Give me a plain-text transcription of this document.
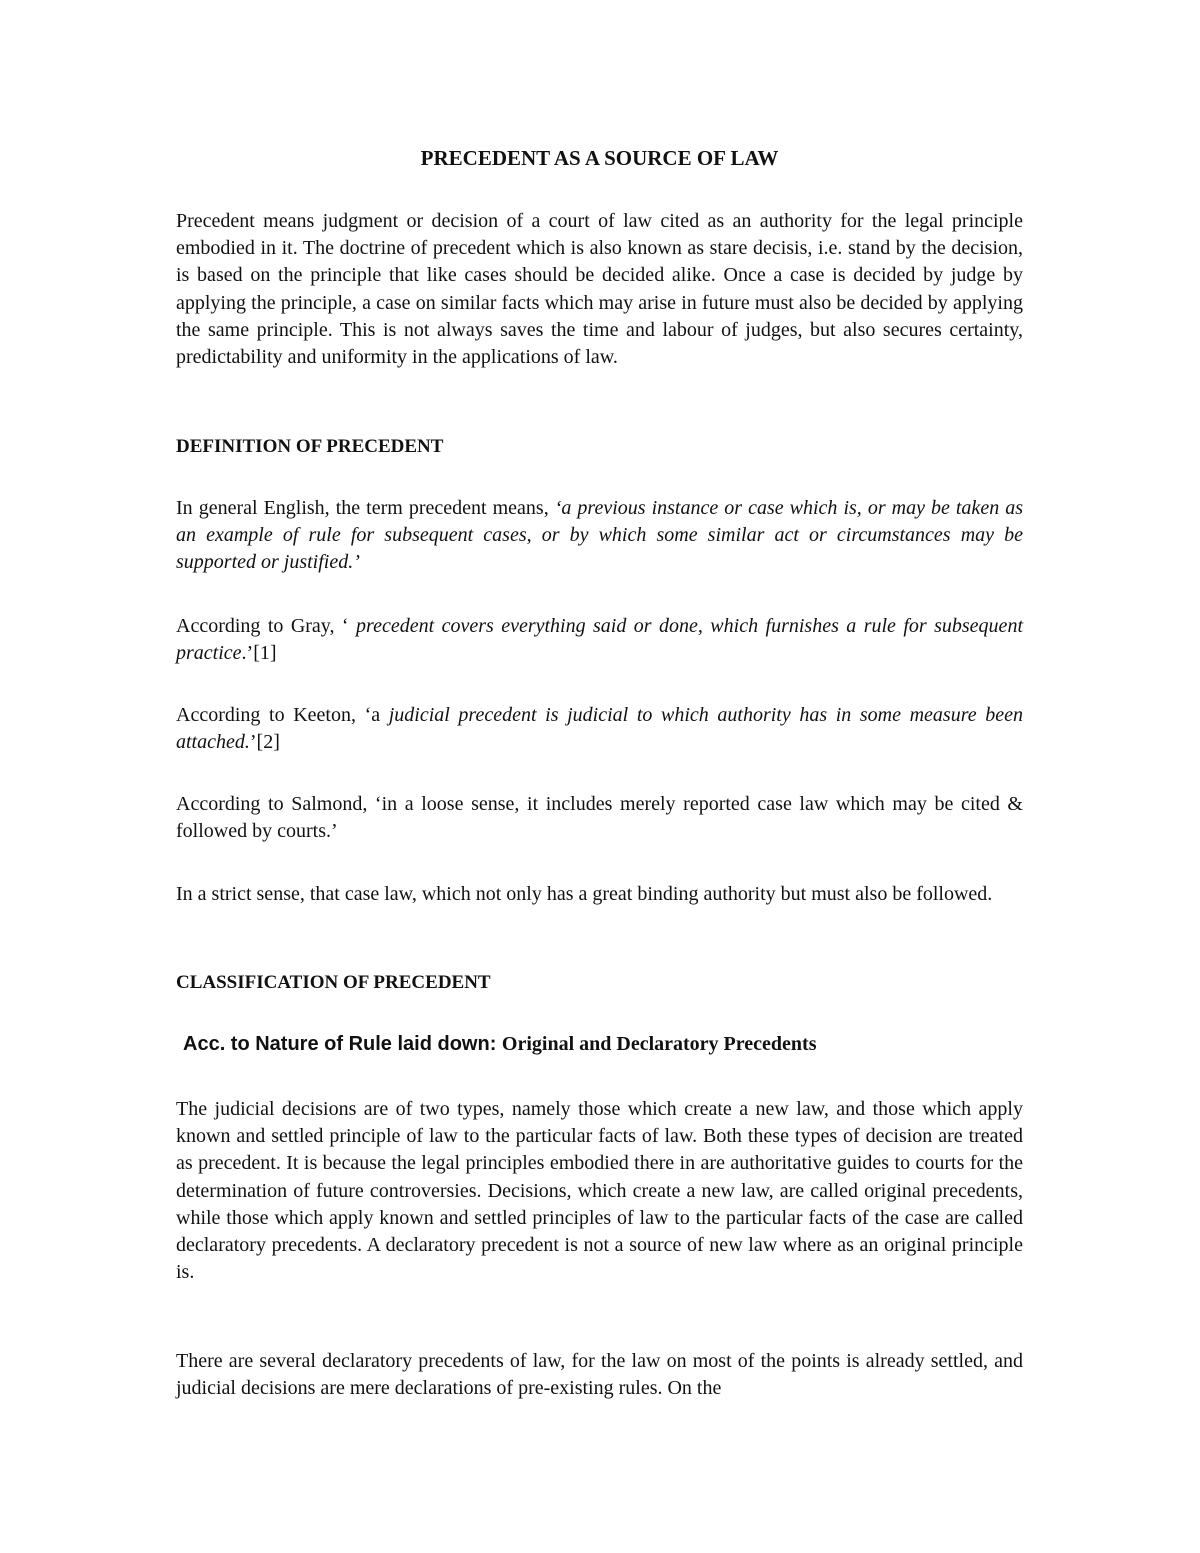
PRECEDENT AS A SOURCE OF LAW

Precedent means judgment or decision of a court of law cited as an authority for the legal principle embodied in it. The doctrine of precedent which is also known as stare decisis, i.e. stand by the decision, is based on the principle that like cases should be decided alike. Once a case is decided by judge by applying the principle, a case on similar facts which may arise in future must also be decided by applying the same principle. This is not always saves the time and labour of judges, but also secures certainty, predictability and uniformity in the applications of law.

DEFINITION OF PRECEDENT

In general English, the term precedent means, ‘a previous instance or case which is, or may be taken as an example of rule for subsequent cases, or by which some similar act or circumstances may be supported or justified.’

According to Gray, ‘ precedent covers everything said or done, which furnishes a rule for subsequent practice.’[1]

According to Keeton, ‘a judicial precedent is judicial to which authority has in some measure been attached.’[2]

According to Salmond, ‘in a loose sense, it includes merely reported case law which may be cited & followed by courts.’

In a strict sense, that case law, which not only has a great binding authority but must also be followed.

CLASSIFICATION OF PRECEDENT

Acc. to Nature of Rule laid down: Original and Declaratory Precedents

The judicial decisions are of two types, namely those which create a new law, and those which apply known and settled principle of law to the particular facts of law. Both these types of decision are treated as precedent. It is because the legal principles embodied there in are authoritative guides to courts for the determination of future controversies. Decisions, which create a new law, are called original precedents, while those which apply known and settled principles of law to the particular facts of the case are called declaratory precedents. A declaratory precedent is not a source of new law where as an original principle is.

There are several declaratory precedents of law, for the law on most of the points is already settled, and judicial decisions are mere declarations of pre-existing rules. On the
